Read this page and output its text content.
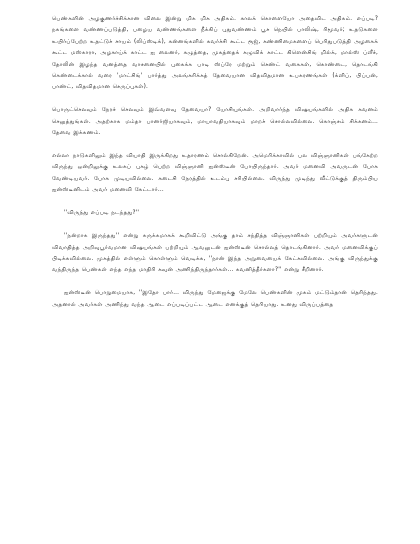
பெண்களின் அழகுணர்ச்சிக்கான விலை இன்று மிக மிக அதிகம். காலக் கொளையோ அதைவிட அதிகம். எப்படி? நகங்களை வண்ணப்படுத்தி, பழைய வண்ணங்களை நீக்கிப் புதுவண்ணம் பூச நெயில் பாலிஷ், ரிமூவர்; உதடுகளை உயிர்ப்பேற்ற உதட்டுச் சாயம் (லிப்ஸ்டிக்), கன்னங்களில் கவர்ச்சி கூட்ட ரூஜ், கண்ணிமைகளைப் பெரிதுபடுத்தி அழகைக் கூட்ட மஸ்காரா, அழகாய்க் காட்ட ஐ லைனர், கழுத்தை, முகத்தைக் கழுவிக் காட்ட கிளென்சிங் மில்க், மால்ஸ் ப்ளீச், தோலின் இழந்த வனத்தை வாசனையில் புகைக்க பாடி ஸ்ப்ரே மற்றும் செண்ட் வகைகள், கொண்டை, தொடங்கி கெண்டைக்கால் வரை 'மாட்சிங்' பார்த்து அலங்கரிக்கத் தேவையான விதவிதமான உபகரணங்கள் (க்ளிப், பிப்பன், பாண்ட், விதவிதமான செருப்புகள்).

பொருட்செலவும் நேரச் செலவும் இவ்வளவு தேவையா? யோசியுங்கள். அறிவார்ந்த விஷயங்களில் அதிக கவனம் செலுத்துங்கள். அதற்காக மம்தா பானர்ஜியாகவும், மாயாவதியாகவும் மாறச் சொல்லவில்லை. கொஞ்சம் சிக்கனம்... தேவை இக்கணம்.

எல்லா நாடுகளிலும் இந்த வியாதி இருக்கிறது உதாரணம் சொல்கிறேன். அமெரிக்காவில் பல விஞ்ஞானிகள் பங்கேற்ற விருந்து ஒன்றிலுக்கு உலகப் புகழ் பெற்ற விஞ்ஞானி ஐன்ஸ்டீன் போயிருந்தார். அவர் மனைவி அவருடன் போக வேண்டியவர். போக முடியவில்லை. கடைசி நேரத்தில் உடம்பு சரியில்லை. விருந்து முடிந்து வீட்டுக்குத் திரும்பிய ஐன்ஸ்டீனிடம் அவர் மனைவி கேட்டார்...

''விருந்து எப்படி நடந்தது?''

''நன்றாக இருந்தது'' என்று சுருக்கமாகக் கூறிவிட்டு அங்கு தாம் சந்தித்த விஞ்ஞானிகள் பற்றியும் அவர்களுடன் விவாதித்த அறிவுபூர்வமான விஷயங்கள் பற்றியும் ஆவலுடன் ஐன்ஸ்டீன் சொல்லத் தொடங்கினார். அவர் மனைவிக்குப் பிடிக்கவில்லை. முகத்தில் எள்ளும் கொள்ளும் வெடிக்க, ''நான் இந்த அறுவையைக் கேட்கவில்லை. அங்கு விருந்துக்கு வந்திருந்த பெண்கள் எந்த எந்த மாதிரி கவுன் அணிந்திருந்தார்கள்... கவனித்தீர்களா?'' என்று சீறினார்.

ஐன்ஸ்டீன் பொறுமையாக, ''இதோ பார்... விருந்து மேஜைக்கு மேலே பெண்களின் முகம் மட்டும்தான் தெரிந்தது. அதனால் அவர்கள் அணிந்து வந்த ஆடை எப்படிப்பட்ட ஆடை எனக்குத் தெரியாது. உனது விருப்பத்தை
